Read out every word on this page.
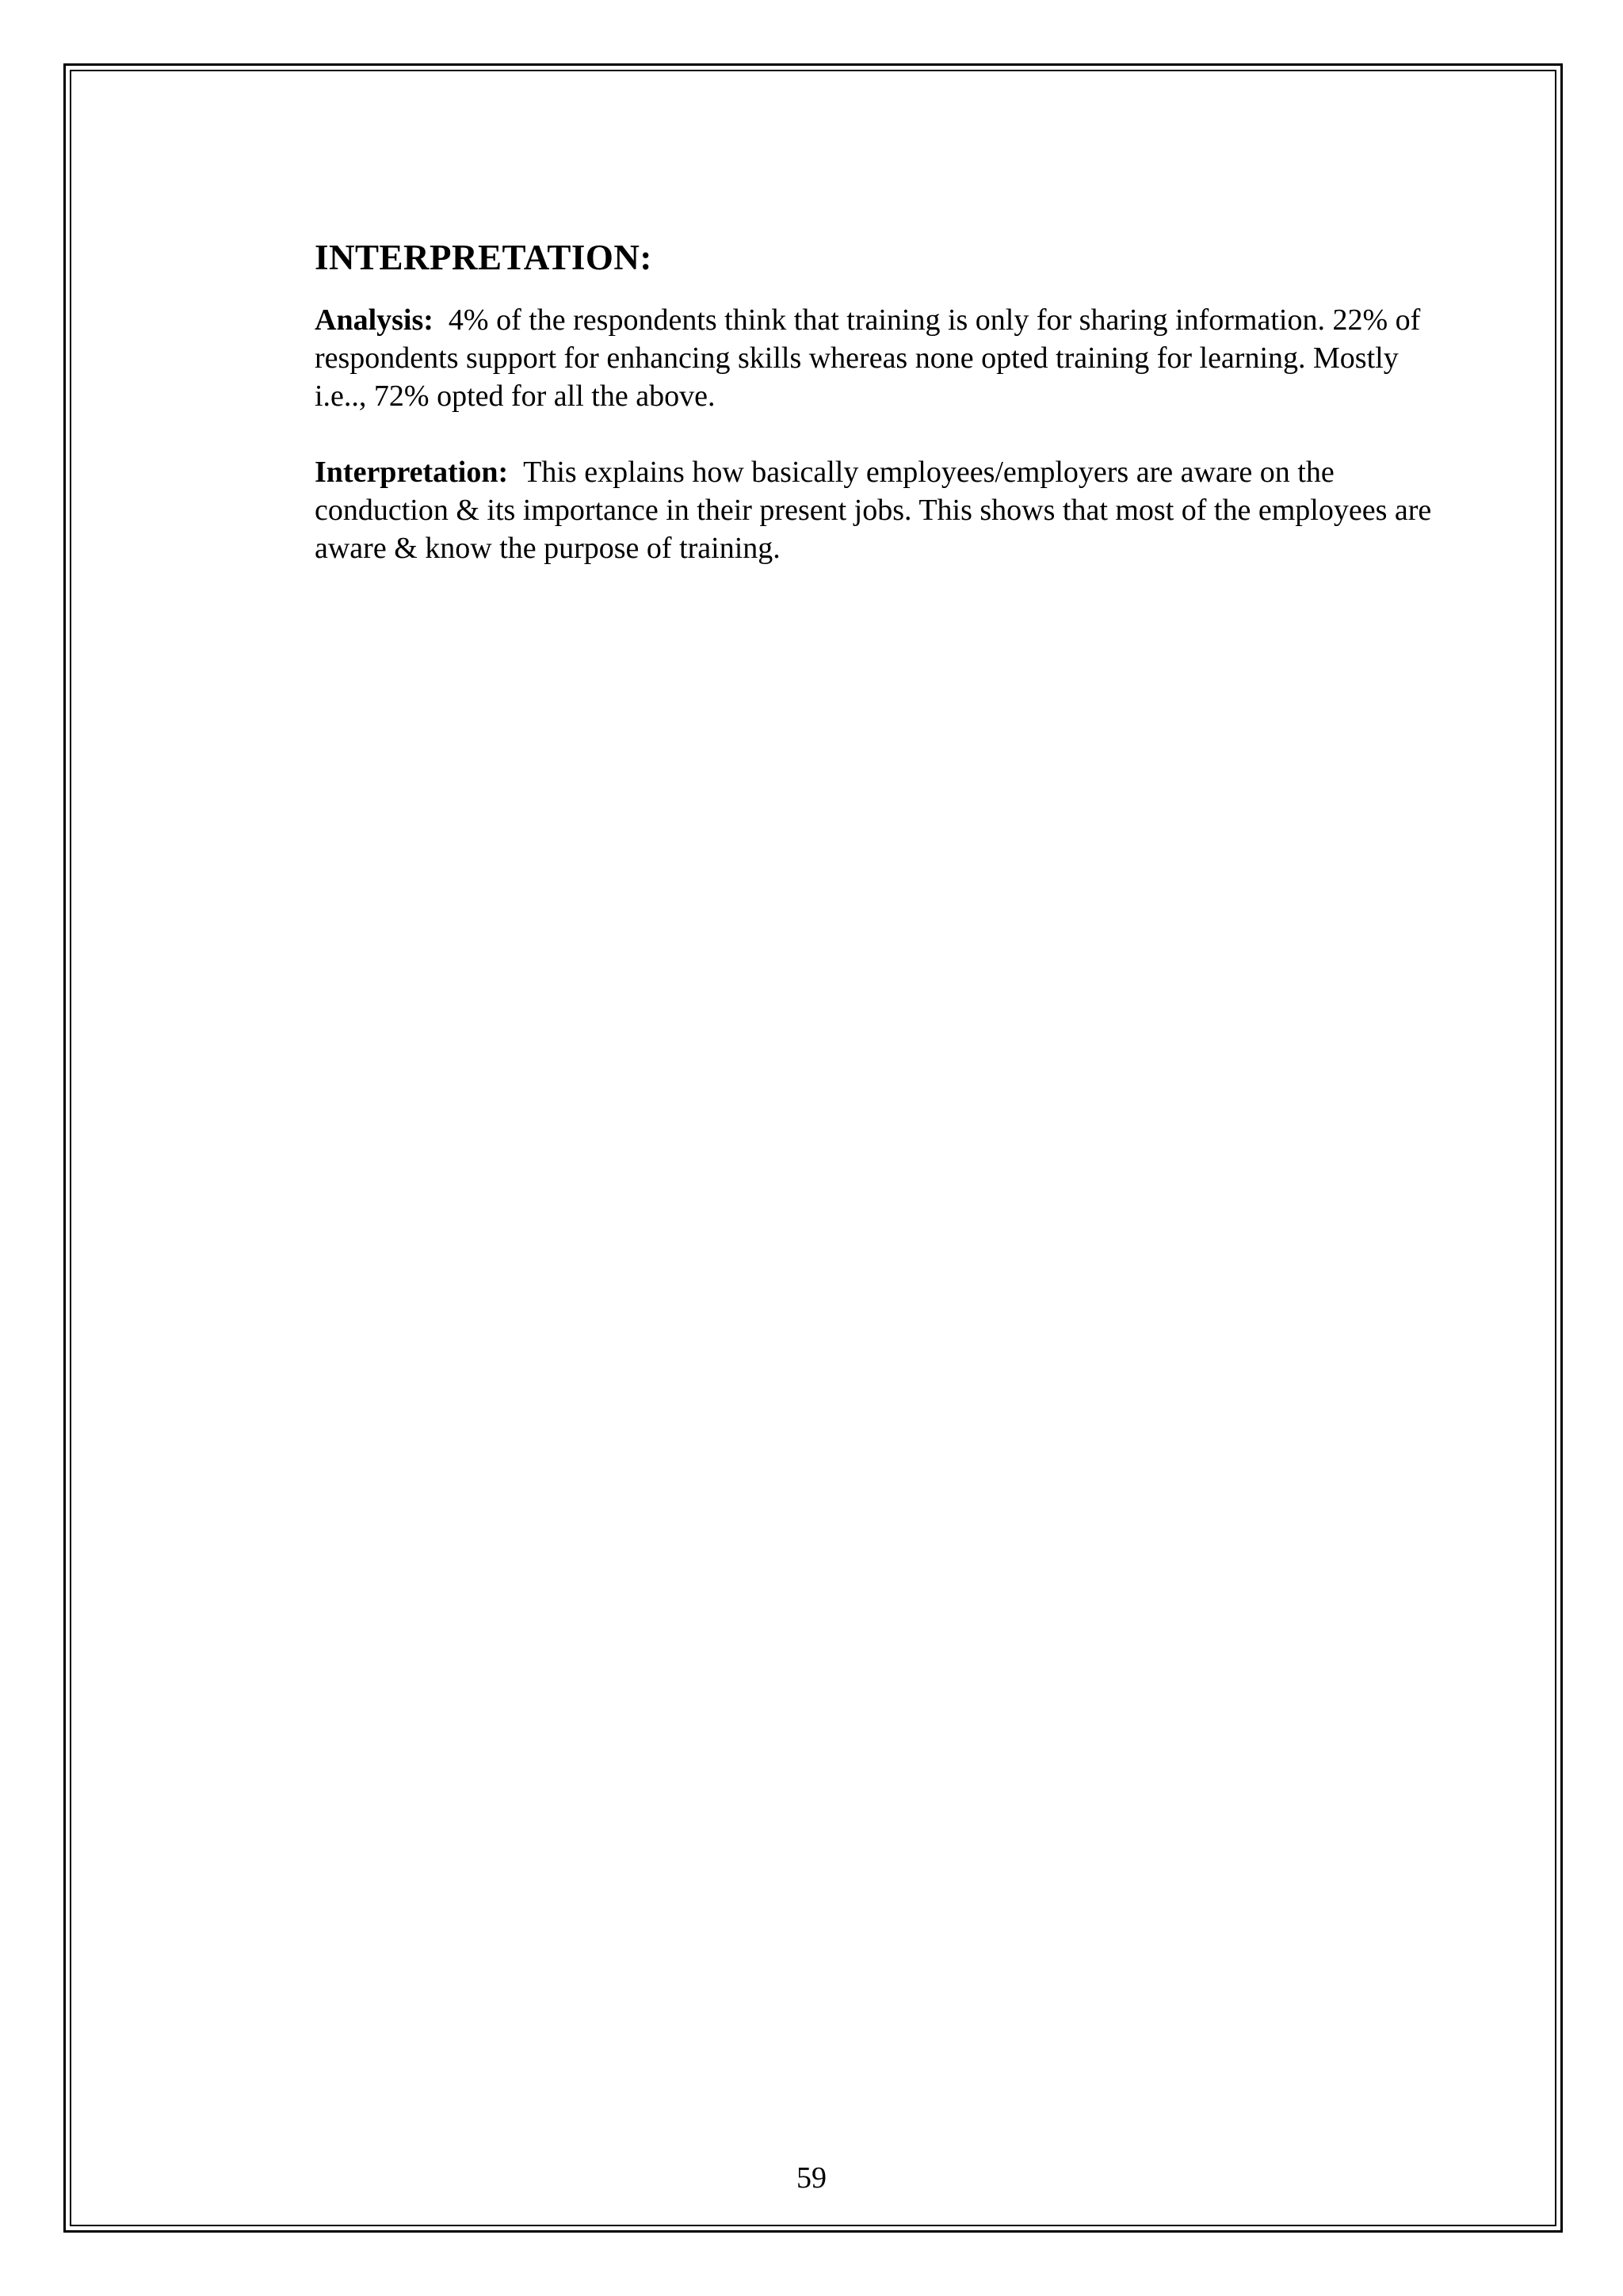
INTERPRETATION:

Analysis: 4% of the respondents think that training is only for sharing information. 22% of respondents support for enhancing skills whereas none opted training for learning. Mostly i.e.., 72% opted for all the above.

Interpretation: This explains how basically employees/employers are aware on the conduction & its importance in their present jobs. This shows that most of the employees are aware & know the purpose of training.

59
